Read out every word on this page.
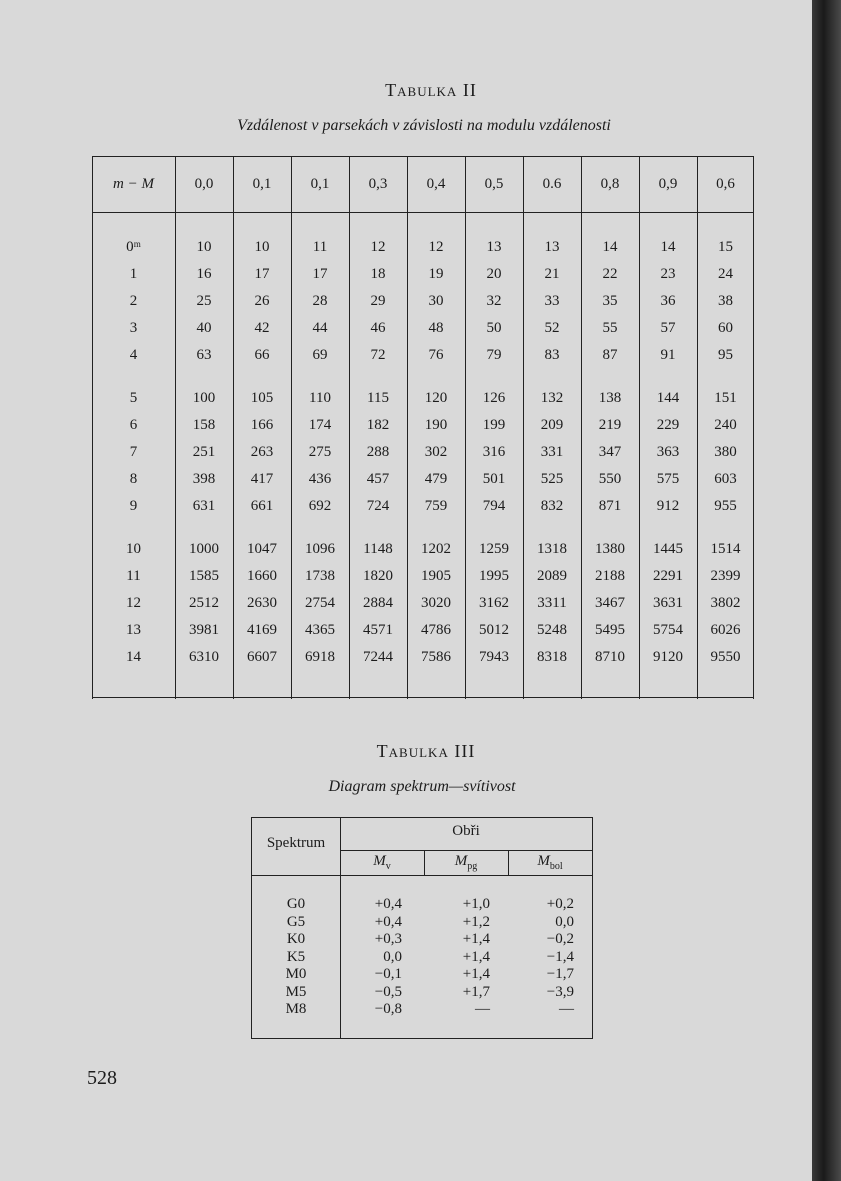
Tabulka II
Vzdálenost v parsekách v závislosti na modulu vzdálenosti
m − M	0,0	0,1	0,1	0,3	0,4	0,5	0.6	0,8	0,9	0,6
0ᵐ	10	10	11	12	12	13	13	14	14	15
1	16	17	17	18	19	20	21	22	23	24
2	25	26	28	29	30	32	33	35	36	38
3	40	42	44	46	48	50	52	55	57	60
4	63	66	69	72	76	79	83	87	91	95
5	100	105	110	115	120	126	132	138	144	151
6	158	166	174	182	190	199	209	219	229	240
7	251	263	275	288	302	316	331	347	363	380
8	398	417	436	457	479	501	525	550	575	603
9	631	661	692	724	759	794	832	871	912	955
10	1000	1047	1096	1148	1202	1259	1318	1380	1445	1514
11	1585	1660	1738	1820	1905	1995	2089	2188	2291	2399
12	2512	2630	2754	2884	3020	3162	3311	3467	3631	3802
13	3981	4169	4365	4571	4786	5012	5248	5495	5754	6026
14	6310	6607	6918	7244	7586	7943	8318	8710	9120	9550
Tabulka III
Diagram spektrum—svítivost
Spektrum
Obři
$M_v$	$M_{pg}$	$M_{bol}$
G0	+0,4	+1,0	+0,2
G5	+0,4	+1,2	0,0
K0	+0,3	+1,4	−0,2
K5	0,0	+1,4	−1,4
M0	−0,1	+1,4	−1,7
M5	−0,5	+1,7	−3,9
M8	−0,8	—	—
528
